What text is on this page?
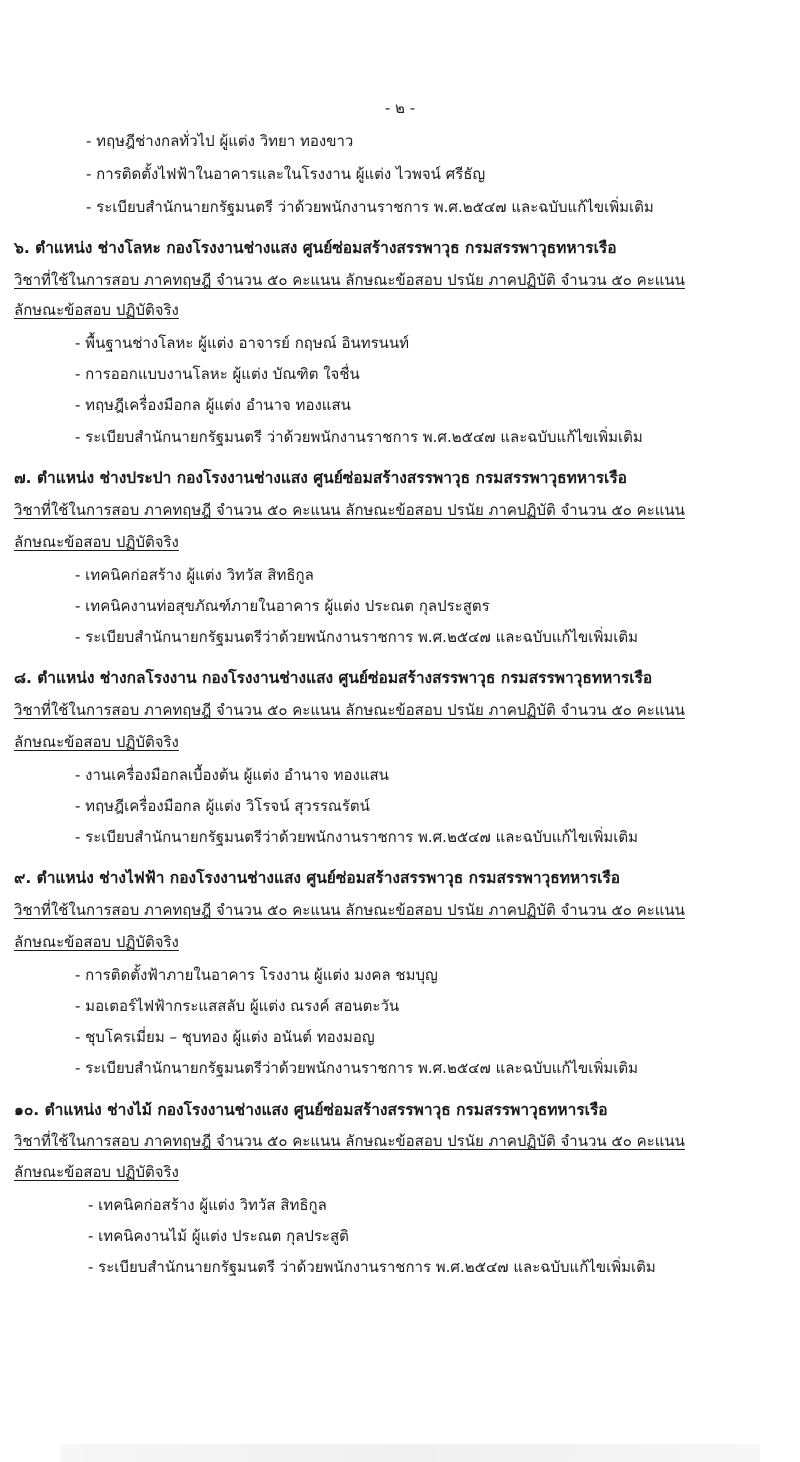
- ๒ -
- ทฤษฎีช่างกลทั่วไป ผู้แต่ง วิทยา ทองขาว
- การติดตั้งไฟฟ้าในอาคารและในโรงงาน ผู้แต่ง ไวพจน์ ศรีธัญ
- ระเบียบสำนักนายกรัฐมนตรี ว่าด้วยพนักงานราชการ พ.ศ.๒๕๔๗ และฉบับแก้ไขเพิ่มเติม
๖. ตำแหน่ง ช่างโลหะ กองโรงงานช่างแสง ศูนย์ซ่อมสร้างสรรพาวุธ กรมสรรพาวุธทหารเรือ
วิชาที่ใช้ในการสอบ ภาคทฤษฎี จำนวน ๕๐ คะแนน ลักษณะข้อสอบ ปรนัย ภาคปฏิบัติ จำนวน ๕๐ คะแนน
ลักษณะข้อสอบ ปฏิบัติจริง
- พื้นฐานช่างโลหะ ผู้แต่ง อาจารย์ กฤษณ์ อินทรนนท์
- การออกแบบงานโลหะ ผู้แต่ง บัณฑิต ใจชื่น
- ทฤษฎีเครื่องมือกล ผู้แต่ง อำนาจ ทองแสน
- ระเบียบสำนักนายกรัฐมนตรี ว่าด้วยพนักงานราชการ พ.ศ.๒๕๔๗ และฉบับแก้ไขเพิ่มเติม
๗. ตำแหน่ง ช่างประปา กองโรงงานช่างแสง ศูนย์ซ่อมสร้างสรรพาวุธ กรมสรรพาวุธทหารเรือ
วิชาที่ใช้ในการสอบ ภาคทฤษฎี จำนวน ๕๐ คะแนน ลักษณะข้อสอบ ปรนัย ภาคปฏิบัติ จำนวน ๕๐ คะแนน
ลักษณะข้อสอบ ปฏิบัติจริง
- เทคนิคก่อสร้าง ผู้แต่ง วิทวัส สิทธิกูล
- เทคนิคงานท่อสุขภัณฑ์ภายในอาคาร ผู้แต่ง ประณต กุลประสูตร
- ระเบียบสำนักนายกรัฐมนตรีว่าด้วยพนักงานราชการ พ.ศ.๒๕๔๗ และฉบับแก้ไขเพิ่มเติม
๘. ตำแหน่ง ช่างกลโรงงาน กองโรงงานช่างแสง ศูนย์ซ่อมสร้างสรรพาวุธ กรมสรรพาวุธทหารเรือ
วิชาที่ใช้ในการสอบ ภาคทฤษฎี จำนวน ๕๐ คะแนน ลักษณะข้อสอบ ปรนัย ภาคปฏิบัติ จำนวน ๕๐ คะแนน
ลักษณะข้อสอบ ปฏิบัติจริง
- งานเครื่องมือกลเบื้องต้น ผู้แต่ง อำนาจ ทองแสน
- ทฤษฎีเครื่องมือกล ผู้แต่ง วิโรจน์ สุวรรณรัตน์
- ระเบียบสำนักนายกรัฐมนตรีว่าด้วยพนักงานราชการ พ.ศ.๒๕๔๗ และฉบับแก้ไขเพิ่มเติม
๙. ตำแหน่ง ช่างไฟฟ้า กองโรงงานช่างแสง ศูนย์ซ่อมสร้างสรรพาวุธ กรมสรรพาวุธทหารเรือ
วิชาที่ใช้ในการสอบ ภาคทฤษฎี จำนวน ๕๐ คะแนน ลักษณะข้อสอบ ปรนัย ภาคปฏิบัติ จำนวน ๕๐ คะแนน
ลักษณะข้อสอบ ปฏิบัติจริง
- การติดตั้งฟ้าภายในอาคาร โรงงาน ผู้แต่ง มงคล ชมบุญ
- มอเตอร์ไฟฟ้ากระแสสลับ ผู้แต่ง ณรงค์ สอนตะวัน
- ชุบโครเมี่ยม – ชุบทอง ผู้แต่ง อนันต์ ทองมอญ
- ระเบียบสำนักนายกรัฐมนตรีว่าด้วยพนักงานราชการ พ.ศ.๒๕๔๗ และฉบับแก้ไขเพิ่มเติม
๑๐. ตำแหน่ง ช่างไม้ กองโรงงานช่างแสง ศูนย์ซ่อมสร้างสรรพาวุธ กรมสรรพาวุธทหารเรือ
วิชาที่ใช้ในการสอบ ภาคทฤษฎี จำนวน ๕๐ คะแนน ลักษณะข้อสอบ ปรนัย ภาคปฏิบัติ จำนวน ๕๐ คะแนน
ลักษณะข้อสอบ ปฏิบัติจริง
- เทคนิคก่อสร้าง ผู้แต่ง วิทวัส สิทธิกูล
- เทคนิคงานไม้ ผู้แต่ง ประณต กุลประสูติ
- ระเบียบสำนักนายกรัฐมนตรี ว่าด้วยพนักงานราชการ พ.ศ.๒๕๔๗ และฉบับแก้ไขเพิ่มเติม
